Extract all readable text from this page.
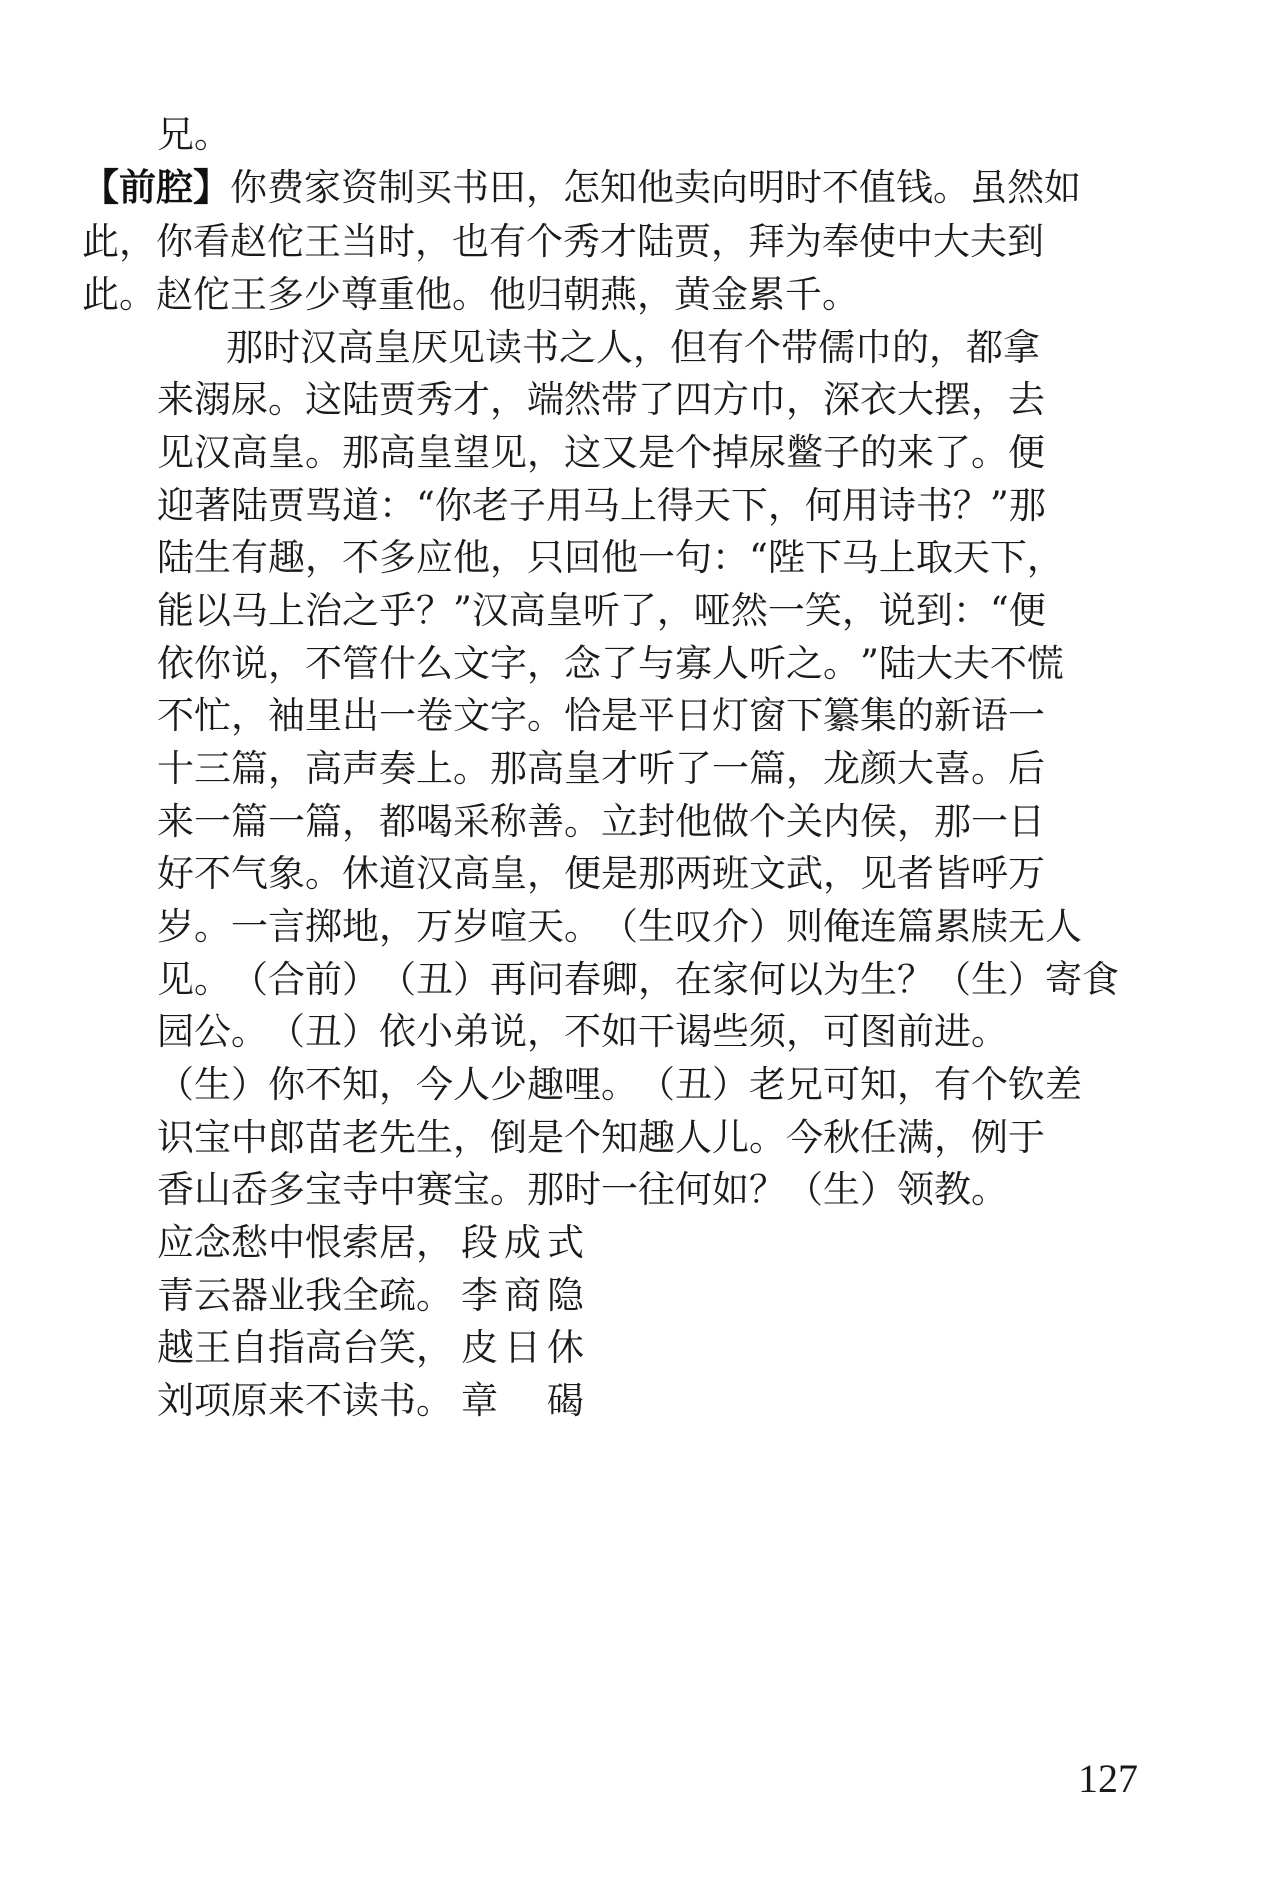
兄。

【前腔】 你 费 家 资 制 买 书 田 ， 怎 知 他 卖 向 明 时 不 值 钱 。 虽 然 如

此 ， 你 看 赵 佗 王 当 时 ， 也 有 个 秀 才 陆 贾 ， 拜 为 奉 使 中 大 夫 到

此。赵佗王多少尊重他。他归朝燕，黄金累千。

那 时 汉 高 皇 厌 见 读 书 之 人 ， 但 有 个 带 儒 巾 的 ， 都 拿

来 溺 尿 。 这 陆 贾 秀 才 ， 端 然 带 了 四 方 巾 ， 深 衣 大 摆 ， 去

见 汉 高 皇 。 那 高 皇 望 见 ， 这 又 是 个 掉 尿 鳖 子 的 来 了 。 便

迎 著 陆 贾 骂 道 ： “ 你 老 子 用 马 上 得 天 下 ， 何 用 诗 书 ？ ” 那

陆 生 有 趣 ， 不 多 应 他 ， 只 回 他 一 句 ： “ 陛 下 马 上 取 天 下 ，

能 以 马 上 治 之 乎 ？ ” 汉 高 皇 听 了 ， 哑 然 一 笑 ， 说 到 ： “ 便

依 你 说 ， 不 管 什 么 文 字 ， 念 了 与 寡 人 听 之 。 ” 陆 大 夫 不 慌

不 忙 ， 袖 里 出 一 卷 文 字 。 恰 是 平 日 灯 窗 下 纂 集 的 新 语 一

十 三 篇 ， 高 声 奏 上 。 那 高 皇 才 听 了 一 篇 ， 龙 颜 大 喜 。 后

来 一 篇 一 篇 ， 都 喝 采 称 善 。 立 封 他 做 个 关 内 侯 ， 那 一 日

好 不 气 象 。 休 道 汉 高 皇 ， 便 是 那 两 班 文 武 ， 见 者 皆 呼 万

岁 。 一 言 掷 地 ， 万 岁 喧 天 。 （ 生 叹 介 ） 则 俺 连 篇 累 牍 无 人

见 。 （ 合 前 ） （ 丑 ） 再 问 春 卿 ， 在 家 何 以 为 生 ？ （ 生 ） 寄 食

园 公 。 （ 丑 ） 依 小 弟 说 ， 不 如 干 谒 些 须 ， 可 图 前 进 。

（ 生 ） 你 不 知 ， 今 人 少 趣 哩 。 （ 丑 ） 老 兄 可 知 ， 有 个 钦 差

识 宝 中 郎 苗 老 先 生 ， 倒 是 个 知 趣 人 儿 。 今 秋 任 满 ， 例 于

香山岙多宝寺中赛宝。那时一往何如？（生）领教。

应念愁中恨索居， 段成式
青云器业我全疏。 李商隐
越王自指高台笑， 皮日休
刘项原来不读书。 章　碣
127
